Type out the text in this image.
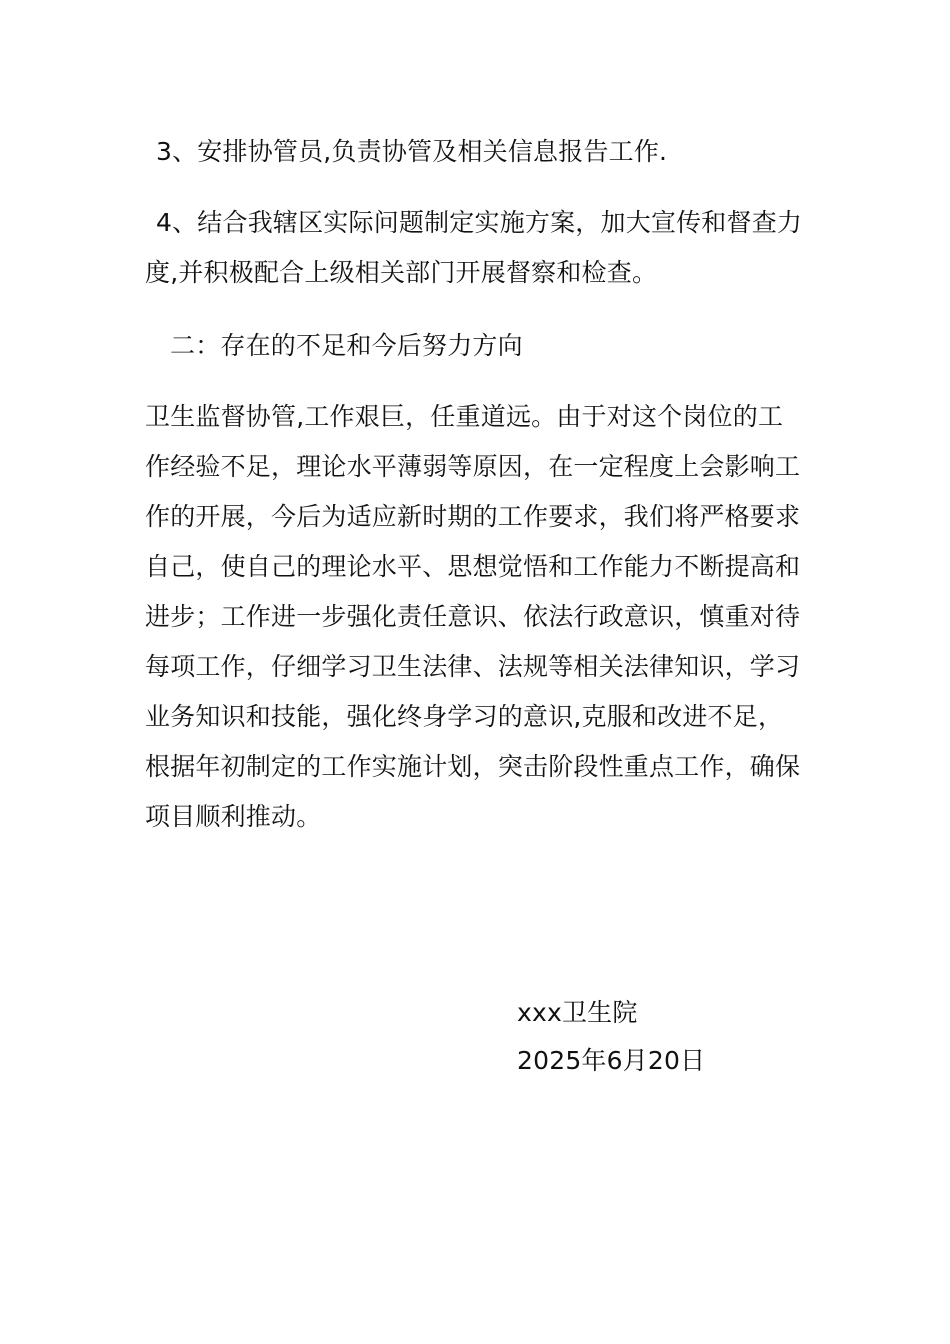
3、安排协管员,负责协管及相关信息报告工作.
4、结合我辖区实际问题制定实施方案，加大宣传和督查力度,并积极配合上级相关部门开展督察和检查。
二：存在的不足和今后努力方向
卫生监督协管,工作艰巨，任重道远。由于对这个岗位的工作经验不足，理论水平薄弱等原因，在一定程度上会影响工作的开展，今后为适应新时期的工作要求，我们将严格要求自己，使自己的理论水平、思想觉悟和工作能力不断提高和进步；工作进一步强化责任意识、依法行政意识，慎重对待每项工作，仔细学习卫生法律、法规等相关法律知识，学习业务知识和技能，强化终身学习的意识,克服和改进不足，根据年初制定的工作实施计划，突击阶段性重点工作，确保项目顺利推动。
xxx卫生院
2025年6月20日
